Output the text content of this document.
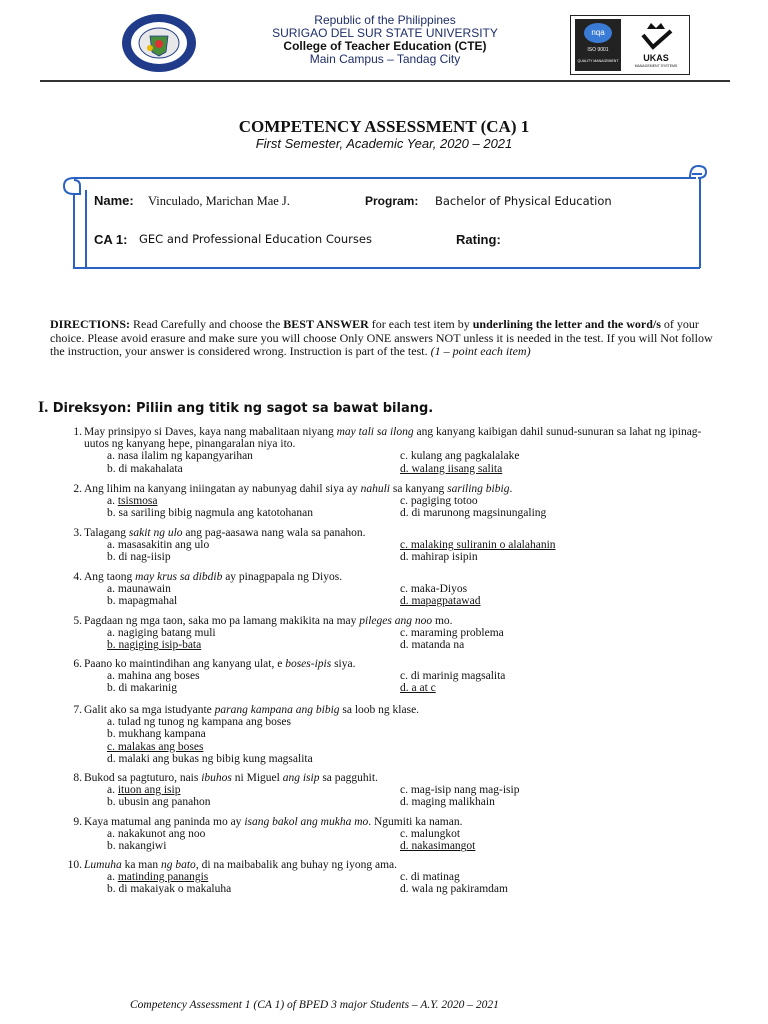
Republic of the Philippines
SURIGAO DEL SUR STATE UNIVERSITY
College of Teacher Education (CTE)
Main Campus – Tandag City
nqa
ISO 9001
QUALITY MANAGEMENT	UKAS
MANAGEMENT SYSTEMS
COMPETENCY ASSESSMENT (CA) 1
First Semester, Academic Year, 2020 – 2021
Name: Vinculado, Marichan Mae J.	Program: Bachelor of Physical Education
CA 1: GEC and Professional Education Courses	Rating:
DIRECTIONS: Read Carefully and choose the BEST ANSWER for each test item by underlining the letter and the word/s of your choice. Please avoid erasure and make sure you will choose Only ONE answers NOT unless it is needed in the test. If you will Not follow the instruction, your answer is considered wrong. Instruction is part of the test. (1 – point each item)
I. Direksyon: Piliin ang titik ng sagot sa bawat bilang.
1. May prinsipyo si Daves, kaya nang mabalitaan niyang may tali sa ilong ang kanyang kaibigan dahil sunud-sunuran sa lahat ng ipinag-uutos ng kanyang hepe, pinangaralan niya ito.
a. nasa ilalim ng kapangyarihan
b. di makahalata
c. kulang ang pagkalalake
d. walang iisang salita
2. Ang lihim na kanyang iniingatan ay nabunyag dahil siya ay nahuli sa kanyang sariling bibig.
a. tsismosa
b. sa sariling bibig nagmula ang katotohanan
c. pagiging totoo
d. di marunong magsinungaling
3. Talagang sakit ng ulo ang pag-aasawa nang wala sa panahon.
a. masasakitin ang ulo
b. di nag-iisip
c. malaking suliranin o alalahanin
d. mahirap isipin
4. Ang taong may krus sa dibdib ay pinagpapala ng Diyos.
a. maunawain
b. mapagmahal
c. maka-Diyos
d. mapagpatawad
5. Pagdaan ng mga taon, saka mo pa lamang makikita na may pileges ang noo mo.
a. nagiging batang muli
b. nagiging isip-bata
c. maraming problema
d. matanda na
6. Paano ko maintindihan ang kanyang ulat, e boses-ipis siya.
a. mahina ang boses
b. di makarinig
c. di marinig magsalita
d. a at c
7. Galit ako sa mga istudyante parang kampana ang bibig sa loob ng klase.
a. tulad ng tunog ng kampana ang boses
b. mukhang kampana
c. malakas ang boses
d. malaki ang bukas ng bibig kung magsalita
8. Bukod sa pagtuturo, nais ibuhos ni Miguel ang isip sa pagguhit.
a. ituon ang isip
b. ubusin ang panahon
c. mag-isip nang mag-isip
d. maging malikhain
9. Kaya matumal ang paninda mo ay isang bakol ang mukha mo. Ngumiti ka naman.
a. nakakunot ang noo
b. nakangiwi
c. malungkot
d. nakasimangot
10. Lumuha ka man ng bato, di na maibabalik ang buhay ng iyong ama.
a. matinding panangis
b. di makaiyak o makaluha
c. di matinag
d. wala ng pakiramdam
Competency Assessment 1 (CA 1) of BPED 3 major Students – A.Y. 2020 – 2021
